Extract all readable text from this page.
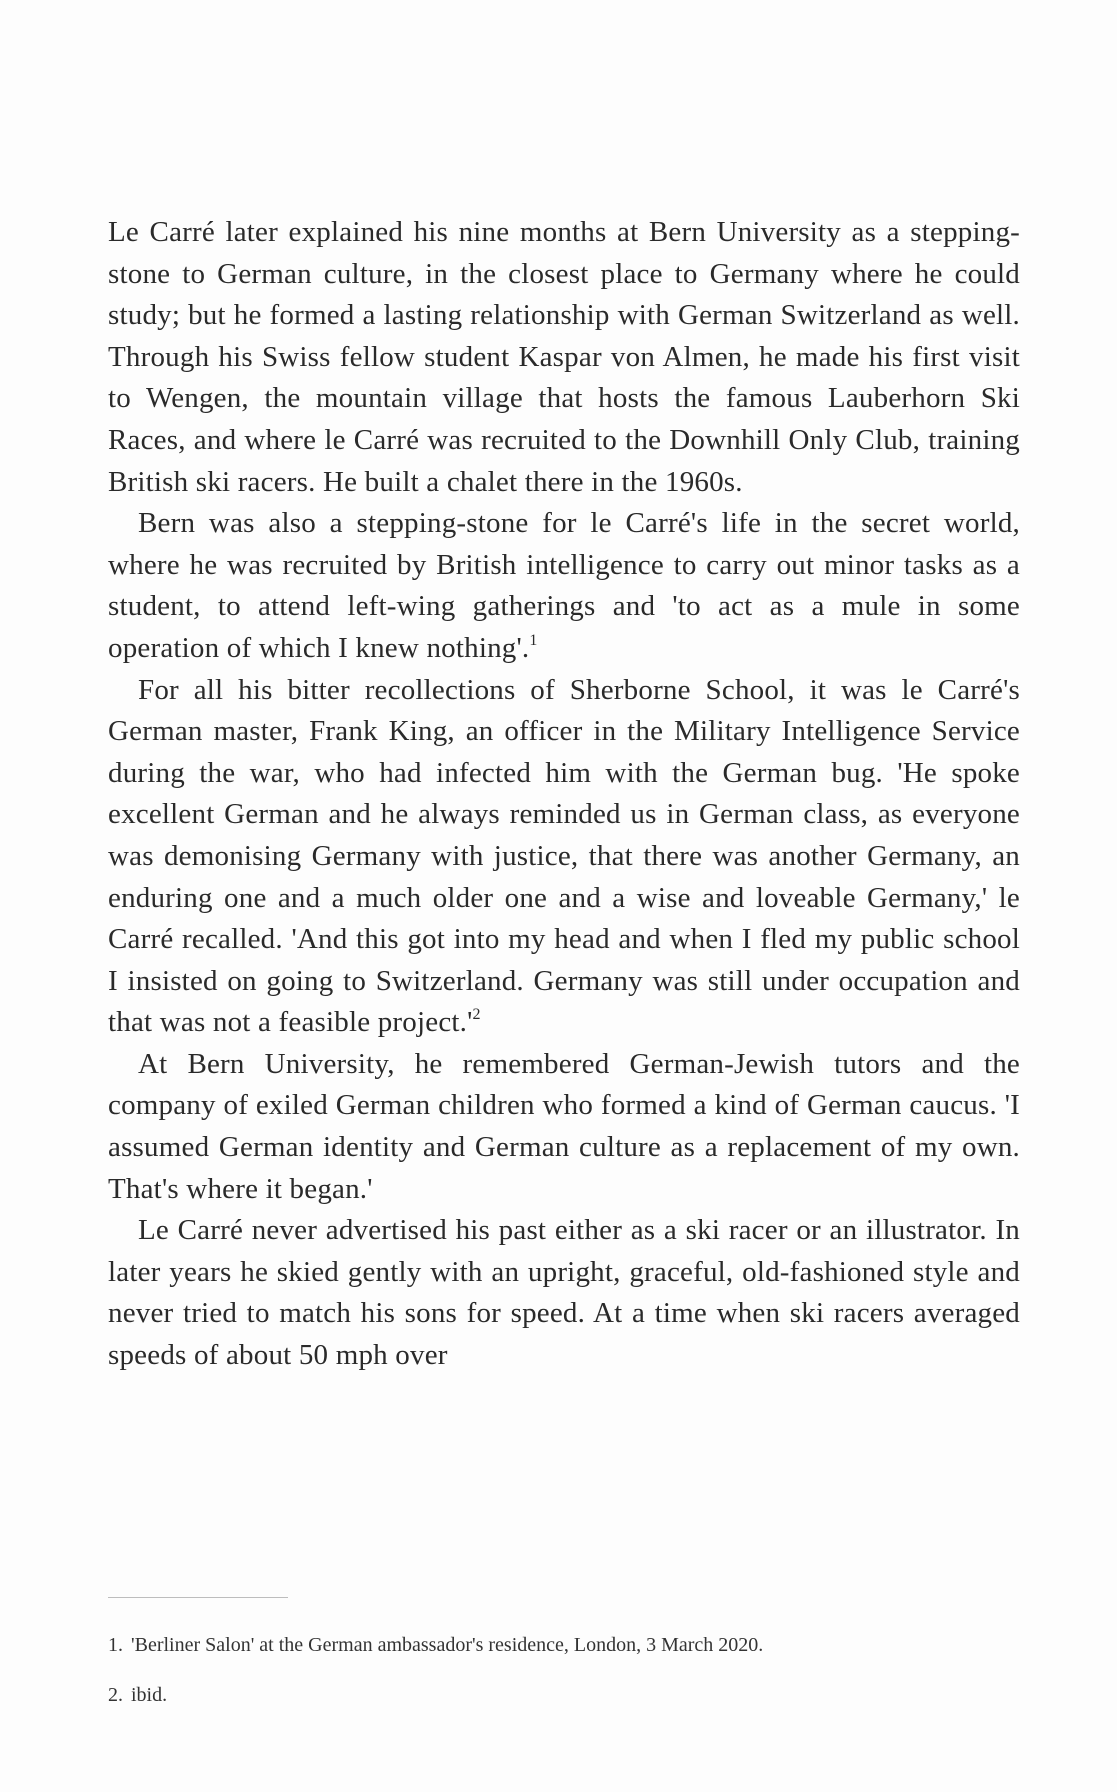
Le Carré later explained his nine months at Bern University as a stepping-stone to German culture, in the closest place to Germany where he could study; but he formed a lasting relationship with German Switzerland as well. Through his Swiss fellow student Kaspar von Almen, he made his first visit to Wengen, the mountain village that hosts the famous Lauberhorn Ski Races, and where le Carré was recruited to the Downhill Only Club, training British ski racers. He built a chalet there in the 1960s.

Bern was also a stepping-stone for le Carré's life in the secret world, where he was recruited by British intelligence to carry out minor tasks as a student, to attend left-wing gatherings and 'to act as a mule in some operation of which I knew nothing'.$^1$

For all his bitter recollections of Sherborne School, it was le Carré's German master, Frank King, an officer in the Military Intelligence Service during the war, who had infected him with the German bug. 'He spoke excellent German and he always reminded us in German class, as everyone was demonising Germany with justice, that there was another Germany, an enduring one and a much older one and a wise and loveable Germany,' le Carré recalled. 'And this got into my head and when I fled my public school I insisted on going to Switzerland. Germany was still under occupation and that was not a feasible $project.'^2$

At Bern University, he remembered German-Jewish tutors and the company of exiled German children who formed a kind of German caucus. 'I assumed German identity and German culture as a replacement of my own. That's where it began.'

Le Carré never advertised his past either as a ski racer or an illustrator. In later years he skied gently with an upright, graceful, old-fashioned style and never tried to match his sons for speed. At a time when ski racers averaged speeds of about 50 mph over

1. 'Berliner Salon' at the German ambassador's residence, London, 3 March 2020.

2. ibid.
